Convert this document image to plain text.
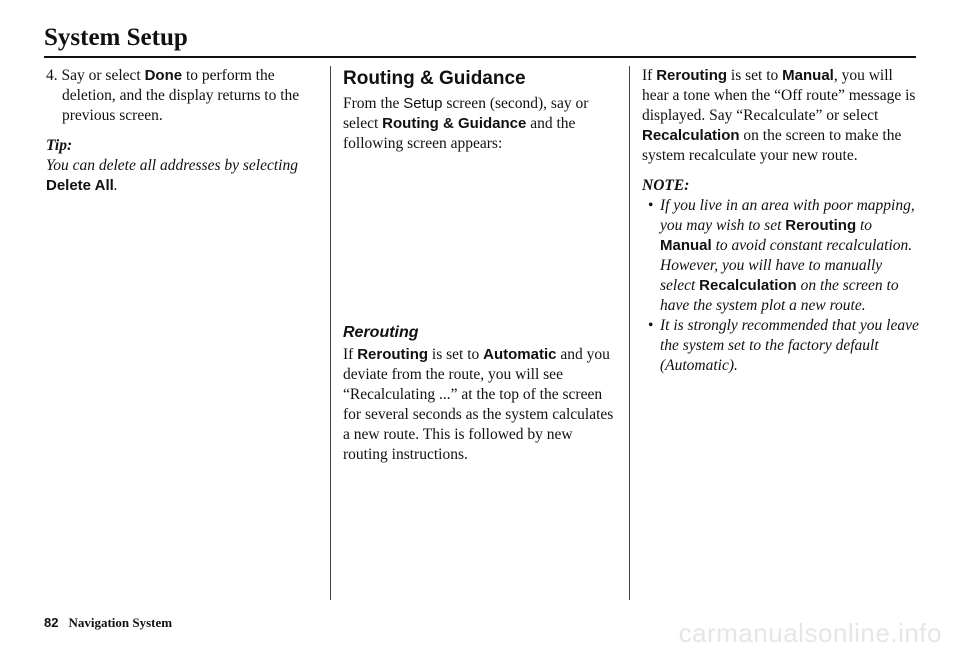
System Setup

4. Say or select Done to perform the deletion, and the display returns to the previous screen.

Tip:

You can delete all addresses by selecting Delete All.

Routing & Guidance

From the Setup screen (second), say or select Routing & Guidance and the following screen appears:

Rerouting

If Rerouting is set to Automatic and you deviate from the route, you will see “Recalculating ...” at the top of the screen for several seconds as the system calculates a new route. This is followed by new routing instructions.

If Rerouting is set to Manual, you will hear a tone when the “Off route” message is displayed. Say “Recalculate” or select Recalculation on the screen to make the system recalculate your new route.

NOTE:

• If you live in an area with poor mapping, you may wish to set Rerouting to Manual to avoid constant recalculation. However, you will have to manually select Recalculation on the screen to have the system plot a new route.
• It is strongly recommended that you leave the system set to the factory default (Automatic).
82 Navigation System	carmanualsonline.info
